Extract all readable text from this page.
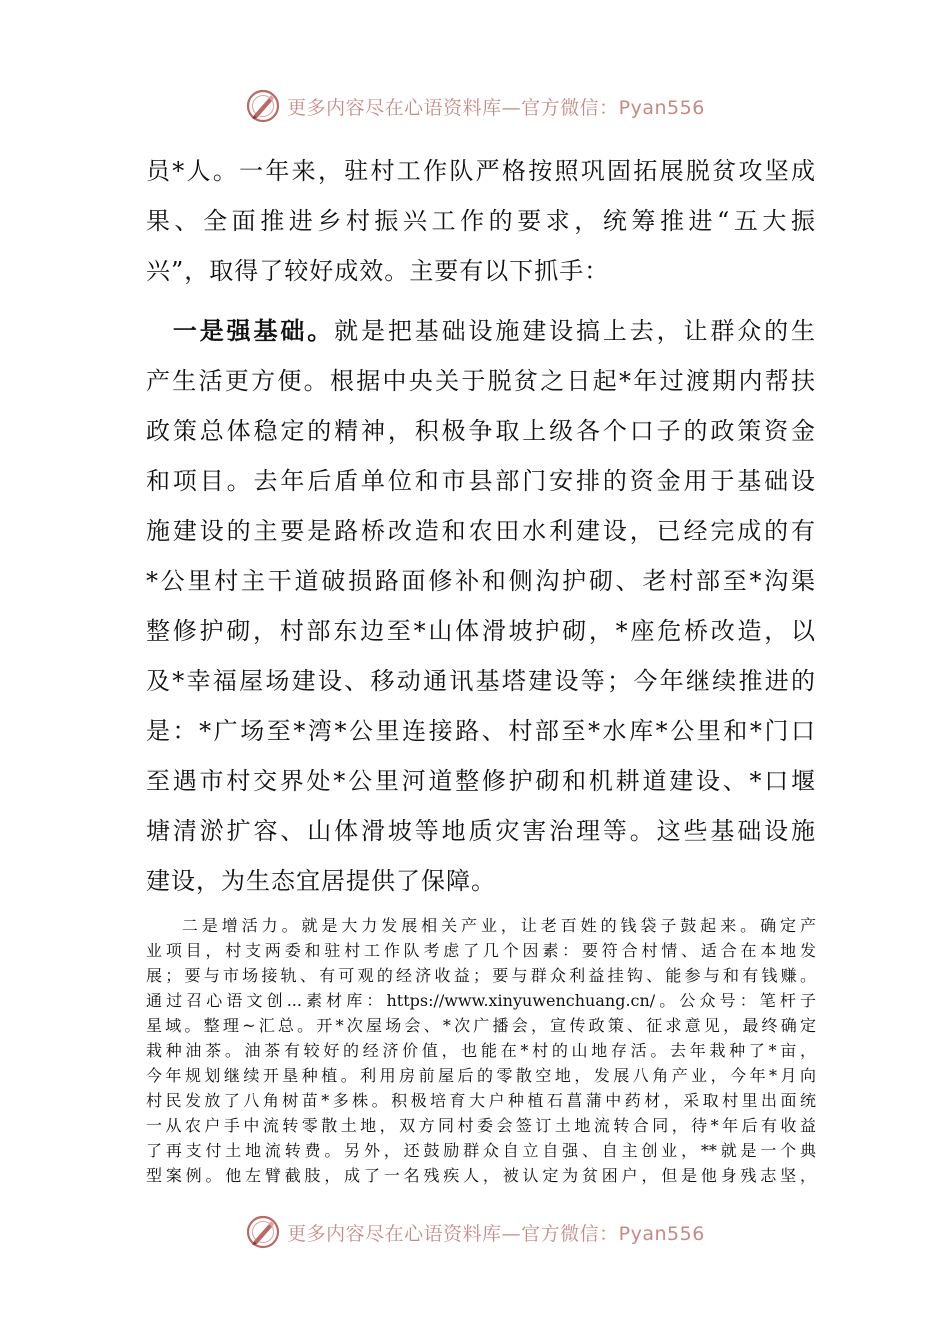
更多内容尽在心语资料库—官方微信：Pyan556
员*人。一年来，驻村工作队严格按照巩固拓展脱贫攻坚成
果、全面推进乡村振兴工作的要求，统筹推进“五大振
兴”，取得了较好成效。主要有以下抓手：
 一是强基础。就是把基础设施建设搞上去，让群众的生
产生活更方便。根据中央关于脱贫之日起*年过渡期内帮扶
政策总体稳定的精神，积极争取上级各个口子的政策资金
和项目。去年后盾单位和市县部门安排的资金用于基础设
施建设的主要是路桥改造和农田水利建设，已经完成的有
*公里村主干道破损路面修补和侧沟护砌、老村部至*沟渠
整修护砌，村部东边至*山体滑坡护砌，*座危桥改造，以
及*幸福屋场建设、移动通讯基塔建设等；今年继续推进的
是：*广场至*湾*公里连接路、村部至*水库*公里和*门口
至遇市村交界处*公里河道整修护砌和机耕道建设、*口堰
塘清淤扩容、山体滑坡等地质灾害治理等。这些基础设施
建设，为生态宜居提供了保障。
  二是增活力。就是大力发展相关产业，让老百姓的钱袋子鼓起来。确定产
业项目，村支两委和驻村工作队考虑了几个因素：要符合村情、适合在本地发
展；要与市场接轨、有可观的经济收益；要与群众利益挂钩、能参与和有钱赚。
通过召心语文创...素材库：https://www.xinyuwenchuang.cn/。公众号：笔杆子
星域。整理~汇总。开*次屋场会、*次广播会，宣传政策、征求意见，最终确定
栽种油茶。油茶有较好的经济价值，也能在*村的山地存活。去年栽种了*亩，
今年规划继续开垦种植。利用房前屋后的零散空地，发展八角产业，今年*月向
村民发放了八角树苗*多株。积极培育大户种植石菖蒲中药材，采取村里出面统
一从农户手中流转零散土地，双方同村委会签订土地流转合同，待*年后有收益
了再支付土地流转费。另外，还鼓励群众自立自强、自主创业，**就是一个典
型案例。他左臂截肢，成了一名残疾人，被认定为贫困户，但是他身残志坚，
更多内容尽在心语资料库—官方微信：Pyan556
